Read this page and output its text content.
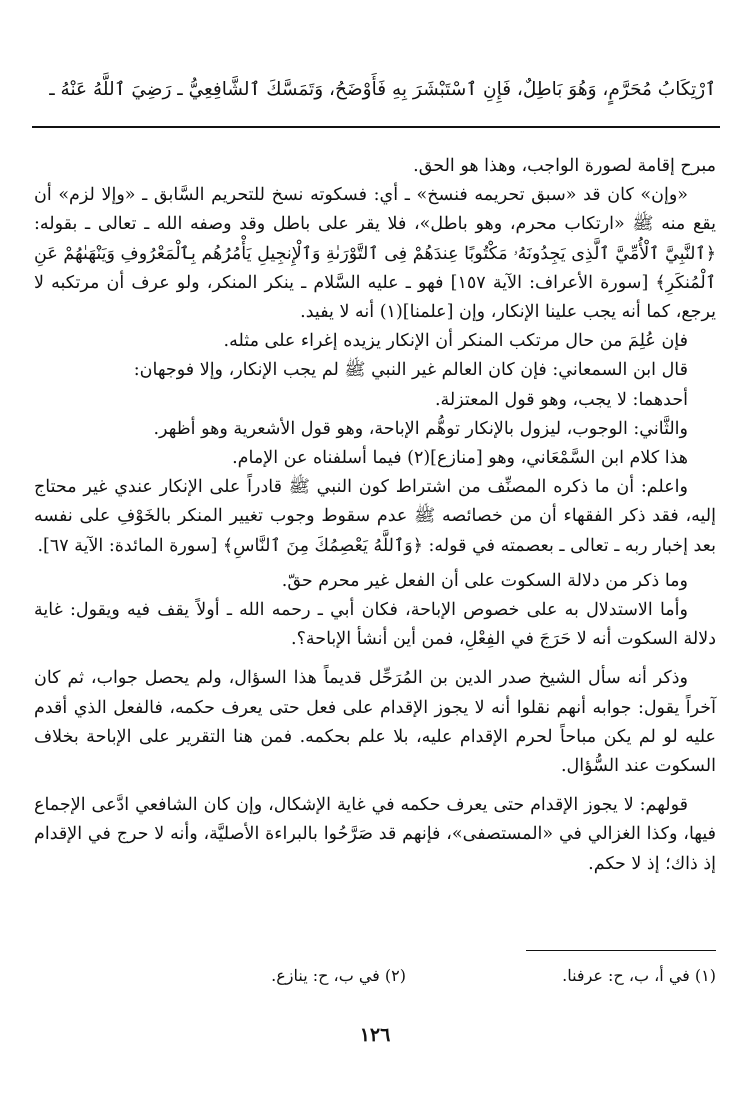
ٱرْتِكَابُ مُحَرَّمٍ، وَهُوَ بَاطِلٌ، فَإِنِ ٱسْتَبْشَرَ بِهِ فَأَوْضَحُ، وَتَمَسَّكَ ٱلشَّافِعِيُّ ـ رَضِيَ ٱللَّهُ عَنْهُ ـ

مبرح إقامة لصورة الواجب، وهذا هو الحق.

«وإن» كان قد «سبق تحريمه فنسخ» ـ أي: فسكوته نسخ للتحريم السَّابق ـ «وإلا لزم» أن يقع منه ﷺ «ارتكاب محرم، وهو باطل»، فلا يقر على باطل وقد وصفه الله ـ تعالى ـ بقوله: ﴿ٱلنَّبِيَّ ٱلْأُمِّيَّ ٱلَّذِى يَجِدُونَهُۥ مَكْتُوبًا عِندَهُمْ فِى ٱلتَّوْرَىٰةِ وَٱلْإِنجِيلِ يَأْمُرُهُم بِٱلْمَعْرُوفِ وَيَنْهَىٰهُمْ عَنِ ٱلْمُنكَرِ﴾ [سورة الأعراف: الآية ١٥٧] فهو ـ عليه السَّلام ـ ينكر المنكر، ولو عرف أن مرتكبه لا يرجع، كما أنه يجب علينا الإنكار، وإن [علمنا](١) أنه لا يفيد.

فإن عُلِمَ من حال مرتكب المنكر أن الإنكار يزيده إغراء على مثله.

قال ابن السمعاني: فإن كان العالم غير النبي ﷺ لم يجب الإنكار، وإلا فوجهان:

أحدهما: لا يجب، وهو قول المعتزلة.

والثَّاني: الوجوب، ليزول بالإنكار توهُّم الإباحة، وهو قول الأشعرية وهو أظهر.

هذا كلام ابن السَّمْعَاني، وهو [منازع](٢) فيما أسلفناه عن الإمام.

واعلم: أن ما ذكره المصنِّف من اشتراط كون النبي ﷺ قادراً على الإنكار عندي غير محتاج إليه، فقد ذكر الفقهاء أن من خصائصه ﷺ عدم سقوط وجوب تغيير المنكر بالخَوْفِ على نفسه بعد إخبار ربه ـ تعالى ـ بعصمته في قوله: ﴿وَٱللَّهُ يَعْصِمُكَ مِنَ ٱلنَّاسِ﴾ [سورة المائدة: الآية ٦٧].

وما ذكر من دلالة السكوت على أن الفعل غير محرم حقّ.

وأما الاستدلال به على خصوص الإباحة، فكان أبي ـ رحمه الله ـ أولاً يقف فيه ويقول: غاية دلالة السكوت أنه لا حَرَجَ في الفِعْلِ، فمن أين أنشأ الإباحة؟.

وذكر أنه سأل الشيخ صدر الدين بن المُرَحِّل قديماً هذا السؤال، ولم يحصل جواب، ثم كان آخراً يقول: جوابه أنهم نقلوا أنه لا يجوز الإقدام على فعل حتى يعرف حكمه، فالفعل الذي أقدم عليه لو لم يكن مباحاً لحرم الإقدام عليه، بلا علم بحكمه. فمن هنا التقرير على الإباحة بخلاف السكوت عند السُّؤال.

قولهم: لا يجوز الإقدام حتى يعرف حكمه في غاية الإشكال، وإن كان الشافعي ادَّعى الإجماع فيها، وكذا الغزالي في «المستصفى»، فإنهم قد صَرَّحُوا بالبراءة الأصليَّة، وأنه لا حرج في الإقدام إذ ذاك؛ إذ لا حكم.

(١) في أ، ب، ح: عرفنا.
(٢) في ب، ح: ينازع.
١٢٦
